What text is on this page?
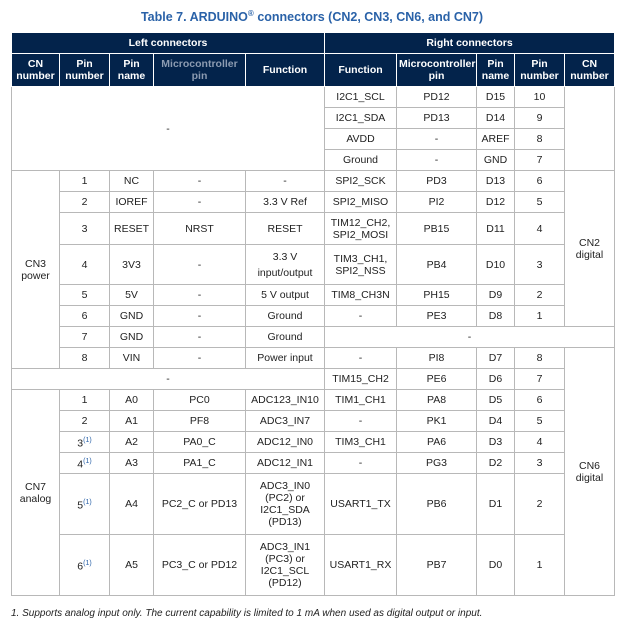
Table 7. ARDUINO® connectors (CN2, CN3, CN6, and CN7)
Left connectors					Right connectors				
CN number	Pin number	Pin name	Microcontroller pin	Function	Function	Microcontroller pin	Pin name	Pin number	CN number
-					I2C1_SCL	PD12	D15	10	
					I2C1_SDA	PD13	D14	9	
					AVDD	-	AREF	8	
					Ground	-	GND	7	
CN3 power	1	NC	-	-	SPI2_SCK	PD3	D13	6	CN2 digital
	2	IOREF	-	3.3 V Ref	SPI2_MISO	PI2	D12	5	
	3	RESET	NRST	RESET	TIM12_CH2, SPI2_MOSI	PB15	D11	4	
	4	3V3	-	3.3 V input/output	TIM3_CH1, SPI2_NSS	PB4	D10	3	
	5	5V	-	5 V output	TIM8_CH3N	PH15	D9	2	
	6	GND	-	Ground	-	PE3	D8	1	
	7	GND	-	Ground	-				
	8	VIN	-	Power input	-	PI8	D7	8	CN6 digital
-					TIM15_CH2	PE6	D6	7	
CN7 analog	1	A0	PC0	ADC123_IN10	TIM1_CH1	PA8	D5	6	
	2	A1	PF8	ADC3_IN7	-	PK1	D4	5	
	3$^{(1)}$	A2	PA0_C	ADC12_IN0	TIM3_CH1	PA6	D3	4	
	4$^{(1)}$	A3	PA1_C	ADC12_IN1	-	PG3	D2	3	
	5$^{(1)}$	A4	PC2_C or PD13	ADC3_IN0 (PC2) or I2C1_SDA (PD13)	USART1_TX	PB6	D1	2	
	6$^{(1)}$	A5	PC3_C or PD12	ADC3_IN1 (PC3) or I2C1_SCL (PD12)	USART1_RX	PB7	D0	1	
1. Supports analog input only. The current capability is limited to 1 mA when used as digital output or input.
